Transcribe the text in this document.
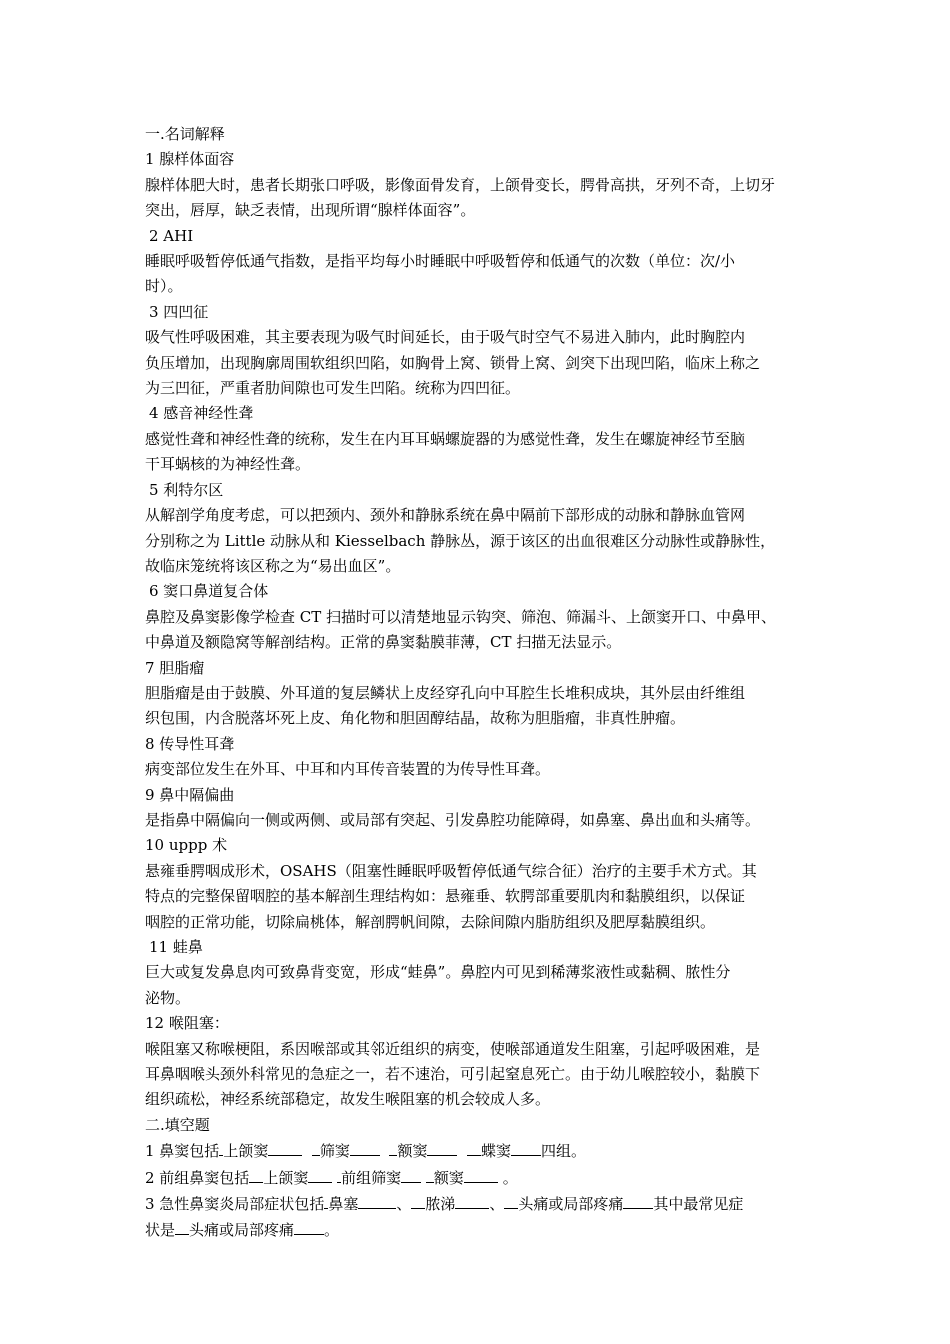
一.名词解释
1 腺样体面容
腺样体肥大时，患者长期张口呼吸，影像面骨发育，上颌骨变长，腭骨高拱，牙列不奇，上切牙
突出，唇厚，缺乏表情，出现所谓“腺样体面容”。
2 AHI
睡眠呼吸暂停低通气指数，是指平均每小时睡眠中呼吸暂停和低通气的次数（单位：次/小
时）。
3 四凹征
吸气性呼吸困难，其主要表现为吸气时间延长，由于吸气时空气不易进入肺内，此时胸腔内
负压增加，出现胸廓周围软组织凹陷，如胸骨上窝、锁骨上窝、剑突下出现凹陷，临床上称之
为三凹征，严重者肋间隙也可发生凹陷。统称为四凹征。
4 感音神经性聋
感觉性聋和神经性聋的统称，发生在内耳耳蜗螺旋器的为感觉性聋，发生在螺旋神经节至脑
干耳蜗核的为神经性聋。
5 利特尔区
从解剖学角度考虑，可以把颈内、颈外和静脉系统在鼻中隔前下部形成的动脉和静脉血管网
分别称之为 Little 动脉从和 Kiesselbach 静脉丛，源于该区的出血很难区分动脉性或静脉性，
故临床笼统将该区称之为“易出血区”。
6 窦口鼻道复合体
鼻腔及鼻窦影像学检查 CT 扫描时可以清楚地显示钩突、筛泡、筛漏斗、上颌窦开口、中鼻甲、
中鼻道及额隐窝等解剖结构。正常的鼻窦黏膜菲薄，CT 扫描无法显示。
7 胆脂瘤
胆脂瘤是由于鼓膜、外耳道的复层鳞状上皮经穿孔向中耳腔生长堆积成块，其外层由纤维组
织包围，内含脱落坏死上皮、角化物和胆固醇结晶，故称为胆脂瘤，非真性肿瘤。
8 传导性耳聋
病变部位发生在外耳、中耳和内耳传音装置的为传导性耳聋。
9 鼻中隔偏曲
是指鼻中隔偏向一侧或两侧、或局部有突起、引发鼻腔功能障碍，如鼻塞、鼻出血和头痛等。
10 uppp 术
悬雍垂腭咽成形术，OSAHS（阻塞性睡眠呼吸暂停低通气综合征）治疗的主要手术方式。其
特点的完整保留咽腔的基本解剖生理结构如：悬雍垂、软腭部重要肌肉和黏膜组织，以保证
咽腔的正常功能，切除扁桃体，解剖腭帆间隙，去除间隙内脂肪组织及肥厚黏膜组织。
11 蛙鼻
巨大或复发鼻息肉可致鼻背变宽，形成“蛙鼻”。鼻腔内可见到稀薄浆液性或黏稠、脓性分
泌物。
12 喉阻塞：
喉阻塞又称喉梗阻，系因喉部或其邻近组织的病变，使喉部通道发生阻塞，引起呼吸困难，是
耳鼻咽喉头颈外科常见的急症之一，若不速治，可引起窒息死亡。由于幼儿喉腔较小，黏膜下
组织疏松，神经系统部稳定，故发生喉阻塞的机会较成人多。
二.填空题
1 鼻窦包括 上颌窦	筛窦	额窦	蝶窦 四组。
2 前组鼻窦包括 上颌窦 前组筛窦 额窦 。
3 急性鼻窦炎局部症状包括 鼻塞	、 脓涕 、 头痛或局部疼痛 其中最常见症
状是 头痛或局部疼痛 。
